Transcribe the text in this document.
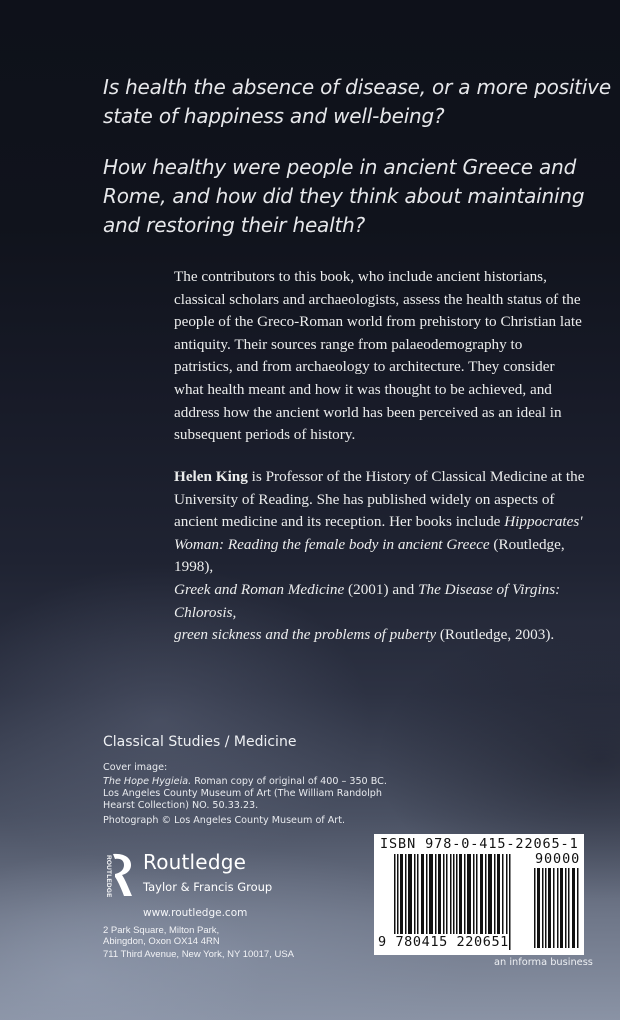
Is health the absence of disease, or a more positive
state of happiness and well-being?
How healthy were people in ancient Greece and
Rome, and how did they think about maintaining
and restoring their health?
The contributors to this book, who include ancient historians,
classical scholars and archaeologists, assess the health status of the
people of the Greco-Roman world from prehistory to Christian late
antiquity. Their sources range from palaeodemography to
patristics, and from archaeology to architecture. They consider
what health meant and how it was thought to be achieved, and
address how the ancient world has been perceived as an ideal in
subsequent periods of history.
Helen King is Professor of the History of Classical Medicine at the
University of Reading. She has published widely on aspects of
ancient medicine and its reception. Her books include Hippocrates'
Woman: Reading the female body in ancient Greece (Routledge, 1998),
Greek and Roman Medicine (2001) and The Disease of Virgins: Chlorosis,
green sickness and the problems of puberty (Routledge, 2003).
Classical Studies / Medicine
Cover image:
The Hope Hygieia. Roman copy of original of 400 – 350 BC.
Los Angeles County Museum of Art (The William Randolph
Hearst Collection) NO. 50.33.23.
Photograph © Los Angeles County Museum of Art.
ROUTLEDGE Routledge
Taylor & Francis Group
www.routledge.com
2 Park Square, Milton Park,
Abingdon, Oxon OX14 4RN
711 Third Avenue, New York, NY 10017, USA
ISBN 978-0-415-22065-1
90000
9 780415 220651
an informa business
